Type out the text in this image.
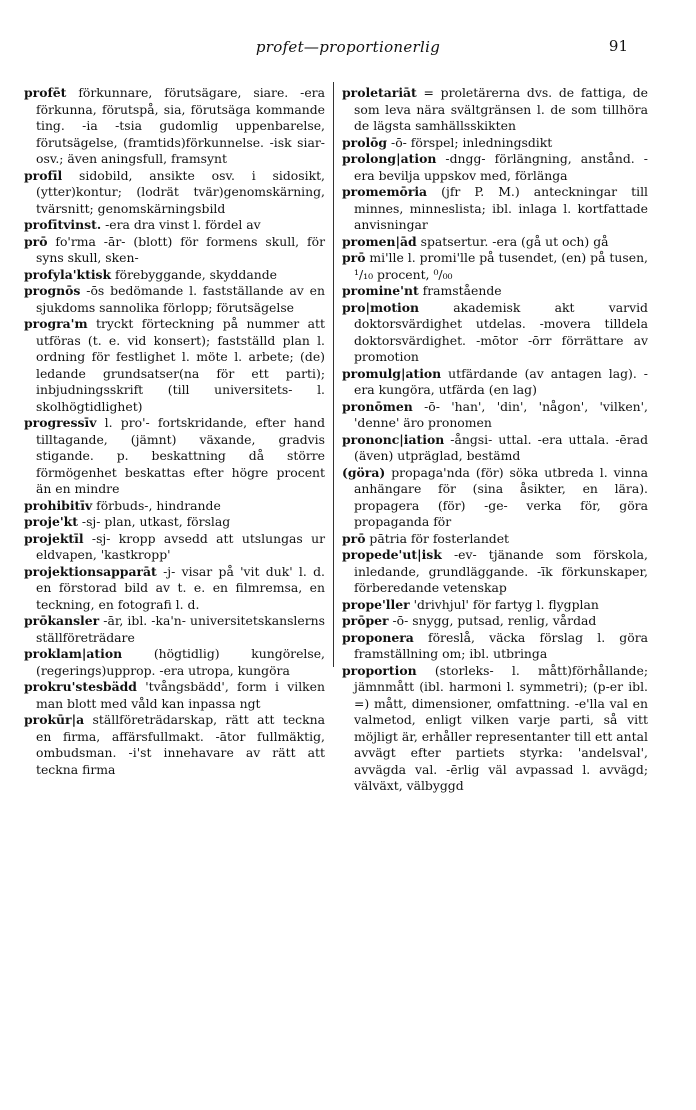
profet—proportionerlig	91

profēt förkunnare, förutsägare, siare. -era förkunna, förutspå, sia, förutsäga kommande ting. -ia -tsia gudomlig uppenbarelse, förutsägelse, (framtids)förkunnelse. -isk siar-osv.; även aningsfull, framsynt

profīl sidobild, ansikte osv. i sidosikt, (ytter)kontur; (lodrät tvär)genomskärning, tvärsnitt; genomskärningsbild

profītvinst. -era dra vinst l. fördel av

prō fo'rma -ār- (blott) för formens skull, för syns skull, sken-

profyla'ktisk förebyggande, skyddande

prognōs -ōs bedömande l. fastställande av en sjukdoms sannolika förlopp; förutsägelse

progra'm tryckt förteckning på nummer att utföras (t. e. vid konsert); fastställd plan l. ordning för festlighet l. möte l. arbete; (de) ledande grundsatser(na för ett parti); inbjudningsskrift (till universitets- l. skolhögtidlighet)

progressīv l. pro'- fortskridande, efter hand tilltagande, (jämnt) växande, gradvis stigande. p. beskattning då större förmögenhet beskattas efter högre procent än en mindre

prohibitīv förbuds-, hindrande

proje'kt -sj- plan, utkast, förslag

projektīl -sj- kropp avsedd att utslungas ur eldvapen, 'kastkropp'

projektionsapparāt -j- visar på 'vit duk' l. d. en förstorad bild av t. e. en filmremsa, en teckning, en fotografi l. d.

prōkansler -ār, ibl. -ka'n- universitetskanslerns ställföreträdare

proklam|ation (högtidlig) kungörelse, (regerings)upprop. -era utropa, kungöra

prokru'stesbädd 'tvångsbädd', form i vilken man blott med våld kan inpassa ngt

prokūr|a ställföreträdarskap, rätt att teckna en firma, affärsfullmakt. -ātor fullmäktig, ombudsman. -i'st innehavare av rätt att teckna firma

proletariāt = proletärerna dvs. de fattiga, de som leva nära svältgränsen l. de som tillhöra de lägsta samhällsskikten

prolōg -ō- förspel; inledningsdikt

prolong|ation -dngg- förlängning, anstånd. -era bevilja uppskov med, förlänga

promemōria (jfr P. M.) anteckningar till minnes, minneslista; ibl. inlaga l. kortfattade anvisningar

promen|ād spatsertur. -era (gå ut och) gå

prō mi'lle l. promi'lle på tusendet, (en) på tusen, ¹/₁₀ procent, ⁰/₀₀

promine'nt framstående

pro|motion akademisk akt varvid doktorsvärdighet utdelas. -movera tilldela doktorsvärdighet. -mōtor -ōrr förrättare av promotion

promulg|ation utfärdande (av antagen lag). -era kungöra, utfärda (en lag)

pronōmen -ō- 'han', 'din', 'någon', 'vilken', 'denne' äro pronomen

prononc|iation -ångsi- uttal. -era uttala. -ērad (även) utpräglad, bestämd

(göra) propaga'nda (för) söka utbreda l. vinna anhängare för (sina åsikter, en lära). propagera (för) -ge- verka för, göra propaganda för

prō pātria för fosterlandet

propede'ut|isk -ev- tjänande som förskola, inledande, grundläggande. -īk förkunskaper, förberedande vetenskap

prope'ller 'drivhjul' för fartyg l. flygplan

prōper -ō- snygg, putsad, renlig, vårdad

proponera föreslå, väcka förslag l. göra framställning om; ibl. utbringa

proportion (storleks- l. mått)förhållande; jämnmått (ibl. harmoni l. symmetri); (p-er ibl. =) mått, dimensioner, omfattning. -e'lla val en valmetod, enligt vilken varje parti, så vitt möjligt är, erhåller representanter till ett antal avvägt efter partiets styrka: 'andelsval', avvägda val. -ērlig väl avpassad l. avvägd; välväxt, välbyggd
